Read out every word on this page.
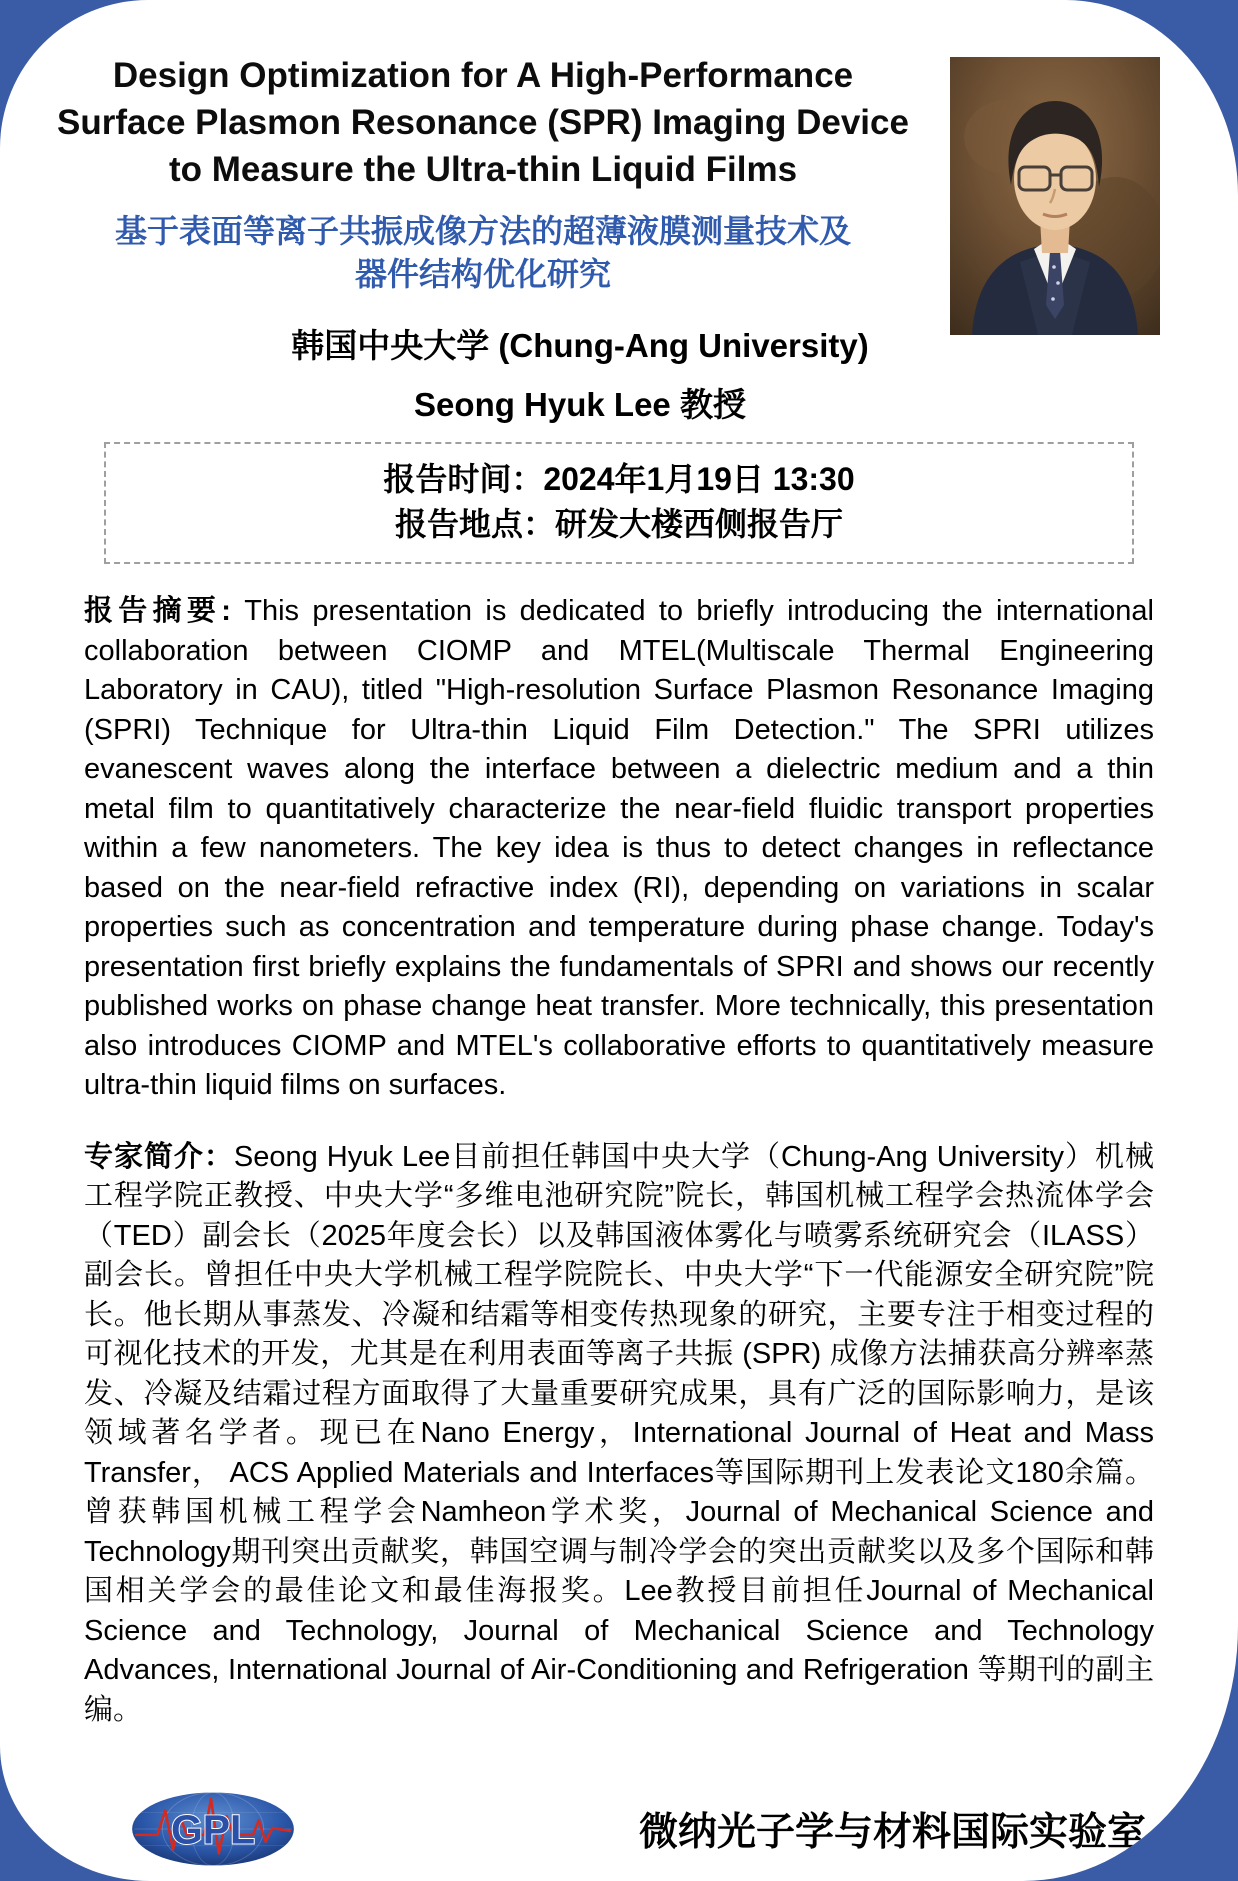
Design Optimization for A High-Performance
Surface Plasmon Resonance (SPR) Imaging Device
to Measure the Ultra-thin Liquid Films
基于表面等离子共振成像方法的超薄液膜测量技术及
器件结构优化研究
韩国中央大学 (Chung-Ang University)
Seong Hyuk Lee 教授
报告时间：2024年1月19日 13:30
报告地点：研发大楼西侧报告厅
报告摘要: This presentation is dedicated to briefly introducing the international collaboration between CIOMP and MTEL(Multiscale Thermal Engineering Laboratory in CAU), titled "High-resolution Surface Plasmon Resonance Imaging (SPRI) Technique for Ultra-thin Liquid Film Detection." The SPRI utilizes evanescent waves along the interface between a dielectric medium and a thin metal film to quantitatively characterize the near-field fluidic transport properties within a few nanometers. The key idea is thus to detect changes in reflectance based on the near-field refractive index (RI), depending on variations in scalar properties such as concentration and temperature during phase change. Today's presentation first briefly explains the fundamentals of SPRI and shows our recently published works on phase change heat transfer. More technically, this presentation also introduces CIOMP and MTEL's collaborative efforts to quantitatively measure ultra-thin liquid films on surfaces.
专家简介：Seong Hyuk Lee目前担任韩国中央大学（Chung-Ang University）机械工程学院正教授、中央大学“多维电池研究院”院长，韩国机械工程学会热流体学会（TED）副会长（2025年度会长）以及韩国液体雾化与喷雾系统研究会（ILASS）副会长。曾担任中央大学机械工程学院院长、中央大学“下一代能源安全研究院”院长。他长期从事蒸发、冷凝和结霜等相变传热现象的研究，主要专注于相变过程的可视化技术的开发，尤其是在利用表面等离子共振 (SPR) 成像方法捕获高分辨率蒸发、冷凝及结霜过程方面取得了大量重要研究成果，具有广泛的国际影响力，是该领域著名学者。现已在Nano Energy，International Journal of Heat and Mass Transfer， ACS Applied Materials and Interfaces等国际期刊上发表论文180余篇。曾获韩国机械工程学会Namheon学术奖，Journal of Mechanical Science and Technology期刊突出贡献奖，韩国空调与制冷学会的突出贡献奖以及多个国际和韩国相关学会的最佳论文和最佳海报奖。Lee教授目前担任Journal of Mechanical Science and Technology, Journal of Mechanical Science and Technology Advances, International Journal of Air-Conditioning and Refrigeration 等期刊的副主编。
GPL	微纳光子学与材料国际实验室
